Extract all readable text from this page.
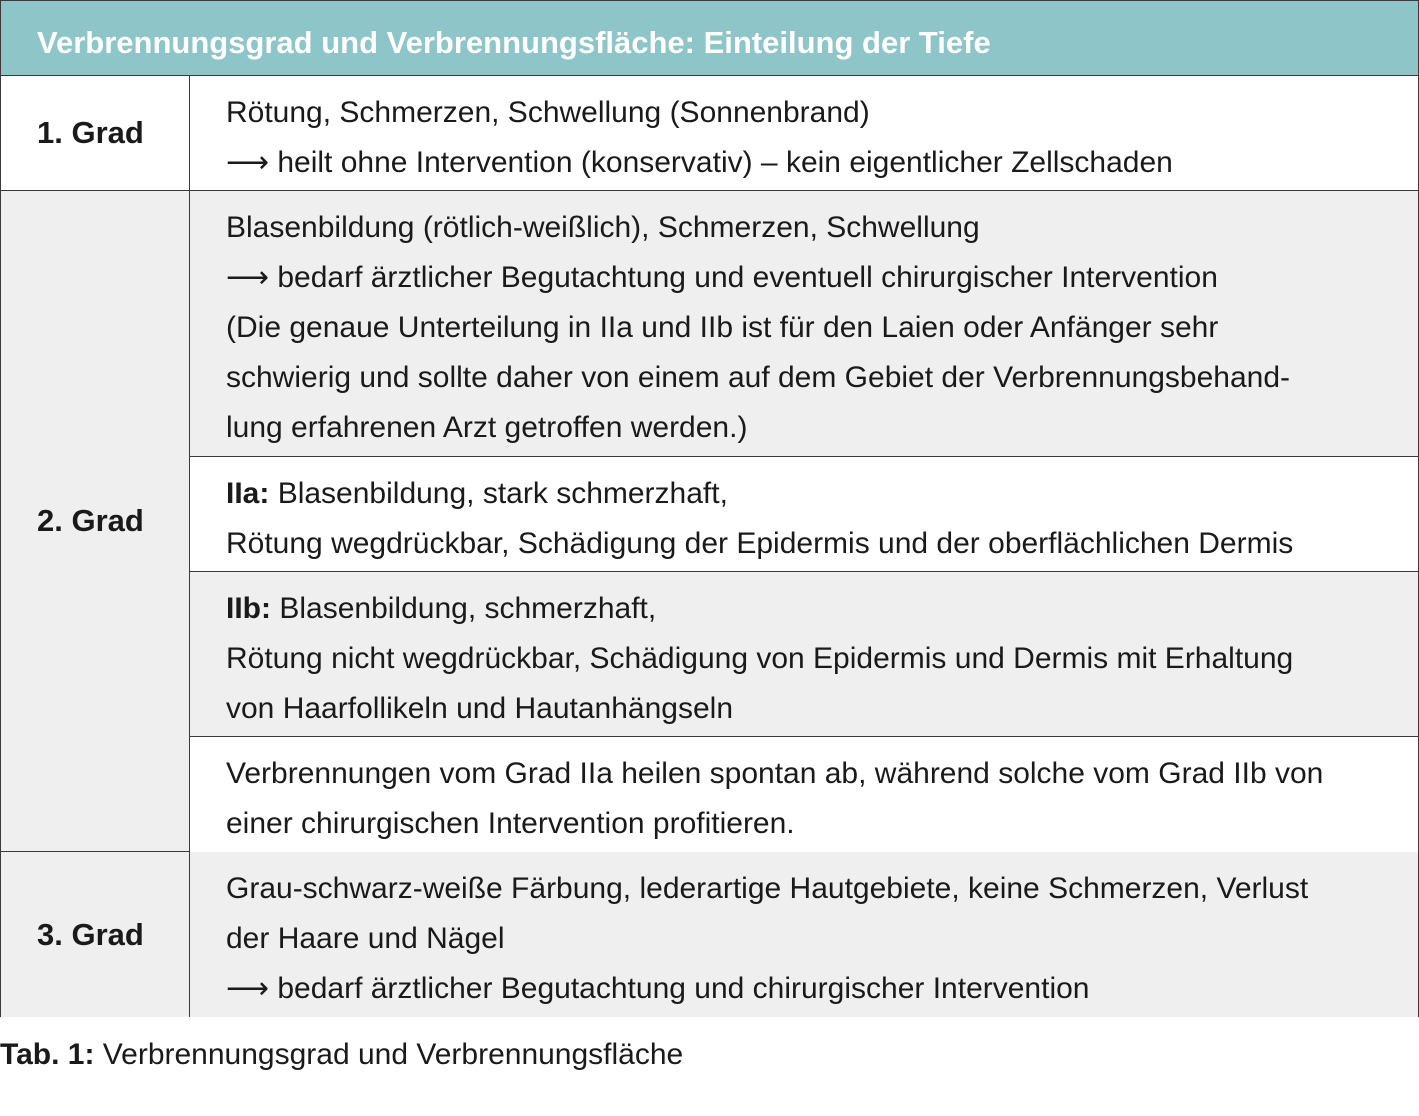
Verbrennungsgrad und Verbrennungsfläche: Einteilung der Tiefe
1. Grad
Rötung, Schmerzen, Schwellung (Sonnenbrand)
⟶ heilt ohne Intervention (konservativ) – kein eigentlicher Zellschaden
2. Grad
Blasenbildung (rötlich-weißlich), Schmerzen, Schwellung
⟶ bedarf ärztlicher Begutachtung und eventuell chirurgischer Intervention
(Die genaue Unterteilung in IIa und IIb ist für den Laien oder Anfänger sehr
schwierig und sollte daher von einem auf dem Gebiet der Verbrennungsbehand-
lung erfahrenen Arzt getroffen werden.)
IIa: Blasenbildung, stark schmerzhaft,
Rötung wegdrückbar, Schädigung der Epidermis und der oberflächlichen Dermis
IIb: Blasenbildung, schmerzhaft,
Rötung nicht wegdrückbar, Schädigung von Epidermis und Dermis mit Erhaltung
von Haarfollikeln und Hautanhängseln
Verbrennungen vom Grad IIa heilen spontan ab, während solche vom Grad IIb von
einer chirurgischen Intervention profitieren.
3. Grad
Grau-schwarz-weiße Färbung, lederartige Hautgebiete, keine Schmerzen, Verlust
der Haare und Nägel
⟶ bedarf ärztlicher Begutachtung und chirurgischer Intervention
Tab. 1: Verbrennungsgrad und Verbrennungsfläche
